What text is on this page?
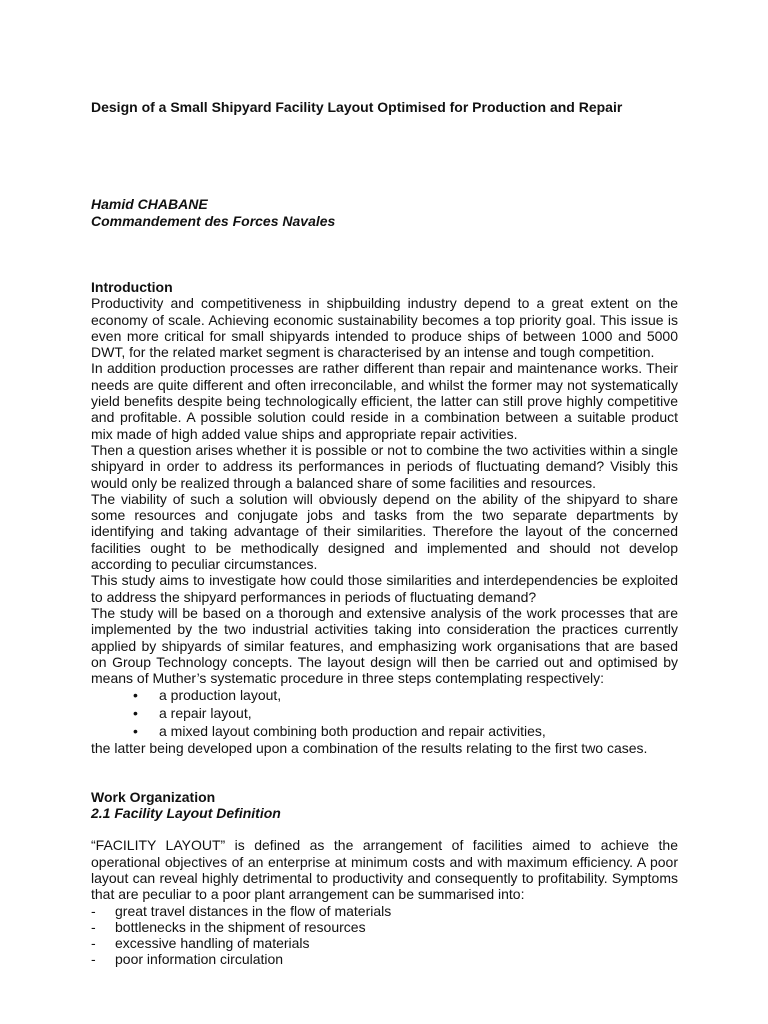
Design of a Small Shipyard Facility Layout Optimised for Production and Repair
Hamid CHABANE
Commandement des Forces Navales
Introduction

Productivity and competitiveness in shipbuilding industry depend to a great extent on the economy of scale. Achieving economic sustainability becomes a top priority goal. This issue is even more critical for small shipyards intended to produce ships of between 1000 and 5000 DWT, for the related market segment is characterised by an intense and tough competition.

In addition production processes are rather different than repair and maintenance works. Their needs are quite different and often irreconcilable, and whilst the former may not systematically yield benefits despite being technologically efficient, the latter can still prove highly competitive and profitable. A possible solution could reside in a combination between a suitable product mix made of high added value ships and appropriate repair activities.

Then a question arises whether it is possible or not to combine the two activities within a single shipyard in order to address its performances in periods of fluctuating demand? Visibly this would only be realized through a balanced share of some facilities and resources.

The viability of such a solution will obviously depend on the ability of the shipyard to share some resources and conjugate jobs and tasks from the two separate departments by identifying and taking advantage of their similarities. Therefore the layout of the concerned facilities ought to be methodically designed and implemented and should not develop according to peculiar circumstances.

This study aims to investigate how could those similarities and interdependencies be exploited to address the shipyard performances in periods of fluctuating demand?

The study will be based on a thorough and extensive analysis of the work processes that are implemented by the two industrial activities taking into consideration the practices currently applied by shipyards of similar features, and emphasizing work organisations that are based on Group Technology concepts. The layout design will then be carried out and optimised by means of Muther’s systematic procedure in three steps contemplating respectively:

• a production layout,
• a repair layout,
• a mixed layout combining both production and repair activities,

the latter being developed upon a combination of the results relating to the first two cases.

Work Organization
2.1 Facility Layout Definition

“FACILITY LAYOUT” is defined as the arrangement of facilities aimed to achieve the operational objectives of an enterprise at minimum costs and with maximum efficiency. A poor layout can reveal highly detrimental to productivity and consequently to profitability. Symptoms that are peculiar to a poor plant arrangement can be summarised into:

- great travel distances in the flow of materials
- bottlenecks in the shipment of resources
- excessive handling of materials
- poor information circulation
